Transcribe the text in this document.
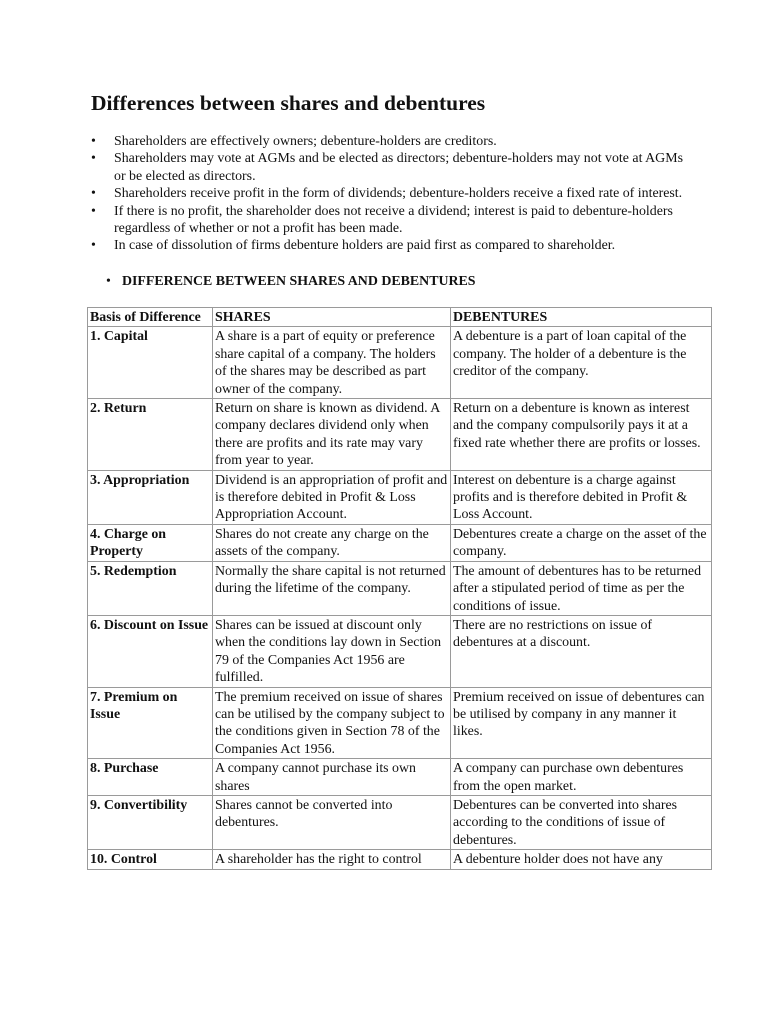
Differences between shares and debentures
• Shareholders are effectively owners; debenture-holders are creditors.
• Shareholders may vote at AGMs and be elected as directors; debenture-holders may not vote at AGMs or be elected as directors.
• Shareholders receive profit in the form of dividends; debenture-holders receive a fixed rate of interest.
• If there is no profit, the shareholder does not receive a dividend; interest is paid to debenture-holders regardless of whether or not a profit has been made.
• In case of dissolution of firms debenture holders are paid first as compared to shareholder.

• DIFFERENCE BETWEEN SHARES AND DEBENTURES

Basis of Difference	SHARES	DEBENTURES
1. Capital	A share is a part of equity or preference share capital of a company. The holders of the shares may be described as part owner of the company.	A debenture is a part of loan capital of the company. The holder of a debenture is the creditor of the company.
2. Return	Return on share is known as dividend. A company declares dividend only when there are profits and its rate may vary from year to year.	Return on a debenture is known as interest and the company compulsorily pays it at a fixed rate whether there are profits or losses.
3. Appropriation	Dividend is an appropriation of profit and is therefore debited in Profit & Loss Appropriation Account.	Interest on debenture is a charge against profits and is therefore debited in Profit & Loss Account.
4. Charge on Property	Shares do not create any charge on the assets of the company.	Debentures create a charge on the asset of the company.
5. Redemption	Normally the share capital is not returned during the lifetime of the company.	The amount of debentures has to be returned after a stipulated period of time as per the conditions of issue.
6. Discount on Issue	Shares can be issued at discount only when the conditions lay down in Section 79 of the Companies Act 1956 are fulfilled.	There are no restrictions on issue of debentures at a discount.
7. Premium on Issue	The premium received on issue of shares can be utilised by the company subject to the conditions given in Section 78 of the Companies Act 1956.	Premium received on issue of debentures can be utilised by company in any manner it likes.
8. Purchase	A company cannot purchase its own shares	A company can purchase own debentures from the open market.
9. Convertibility	Shares cannot be converted into debentures.	Debentures can be converted into shares according to the conditions of issue of debentures.
10. Control	A shareholder has the right to control	A debenture holder does not have any
